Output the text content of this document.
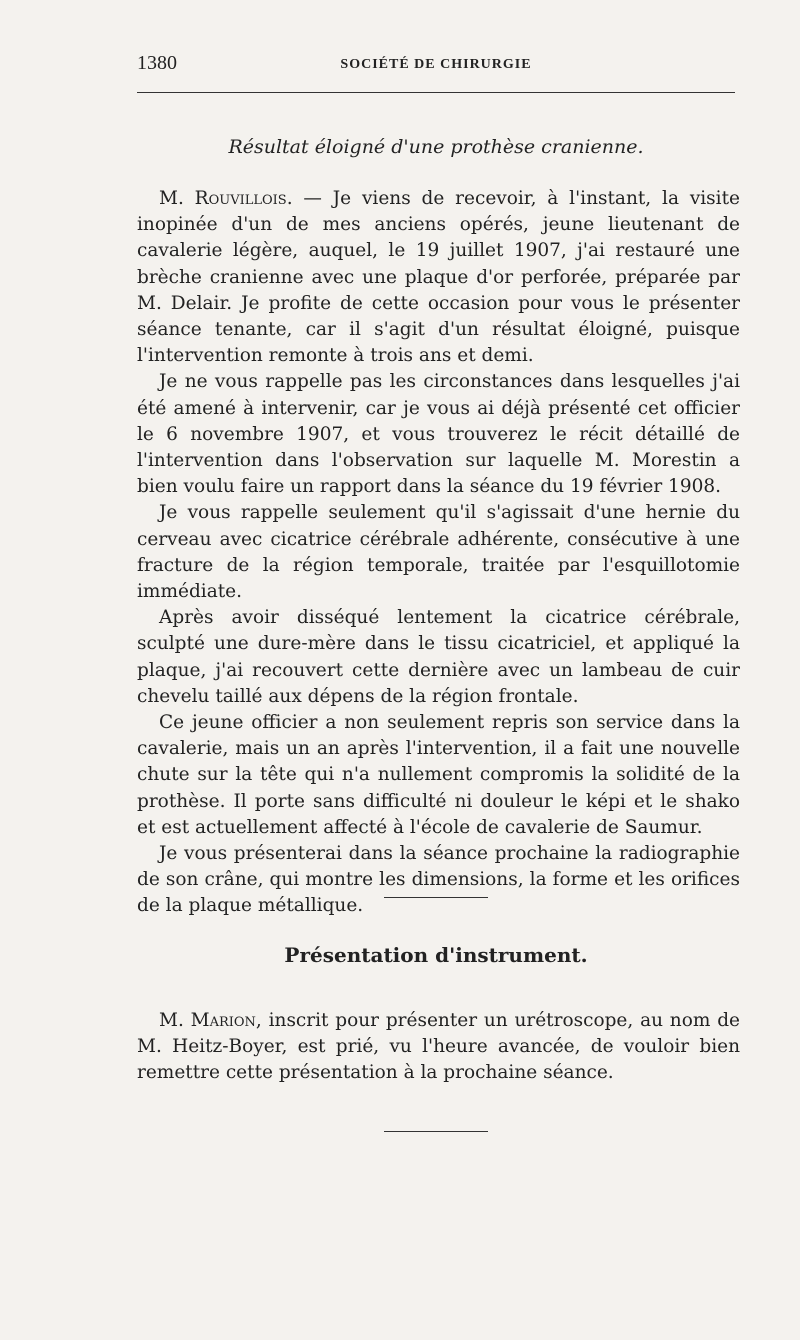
1380	SOCIÉTÉ DE CHIRURGIE
Résultat éloigné d'une prothèse cranienne.

M. Rouvillois. — Je viens de recevoir, à l'instant, la visite inopinée d'un de mes anciens opérés, jeune lieutenant de cavalerie légère, auquel, le 19 juillet 1907, j'ai restauré une brèche cranienne avec une plaque d'or perforée, préparée par M. Delair. Je profite de cette occasion pour vous le présenter séance tenante, car il s'agit d'un résultat éloigné, puisque l'intervention remonte à trois ans et demi.

Je ne vous rappelle pas les circonstances dans lesquelles j'ai été amené à intervenir, car je vous ai déjà présenté cet officier le 6 novembre 1907, et vous trouverez le récit détaillé de l'intervention dans l'observation sur laquelle M. Morestin a bien voulu faire un rapport dans la séance du 19 février 1908.

Je vous rappelle seulement qu'il s'agissait d'une hernie du cerveau avec cicatrice cérébrale adhérente, consécutive à une fracture de la région temporale, traitée par l'esquillotomie immédiate.

Après avoir disséqué lentement la cicatrice cérébrale, sculpté une dure-mère dans le tissu cicatriciel, et appliqué la plaque, j'ai recouvert cette dernière avec un lambeau de cuir chevelu taillé aux dépens de la région frontale.

Ce jeune officier a non seulement repris son service dans la cavalerie, mais un an après l'intervention, il a fait une nouvelle chute sur la tête qui n'a nullement compromis la solidité de la prothèse. Il porte sans difficulté ni douleur le képi et le shako et est actuellement affecté à l'école de cavalerie de Saumur.

Je vous présenterai dans la séance prochaine la radiographie de son crâne, qui montre les dimensions, la forme et les orifices de la plaque métallique.

Présentation d'instrument.

M. Marion, inscrit pour présenter un urétroscope, au nom de M. Heitz-Boyer, est prié, vu l'heure avancée, de vouloir bien remettre cette présentation à la prochaine séance.
